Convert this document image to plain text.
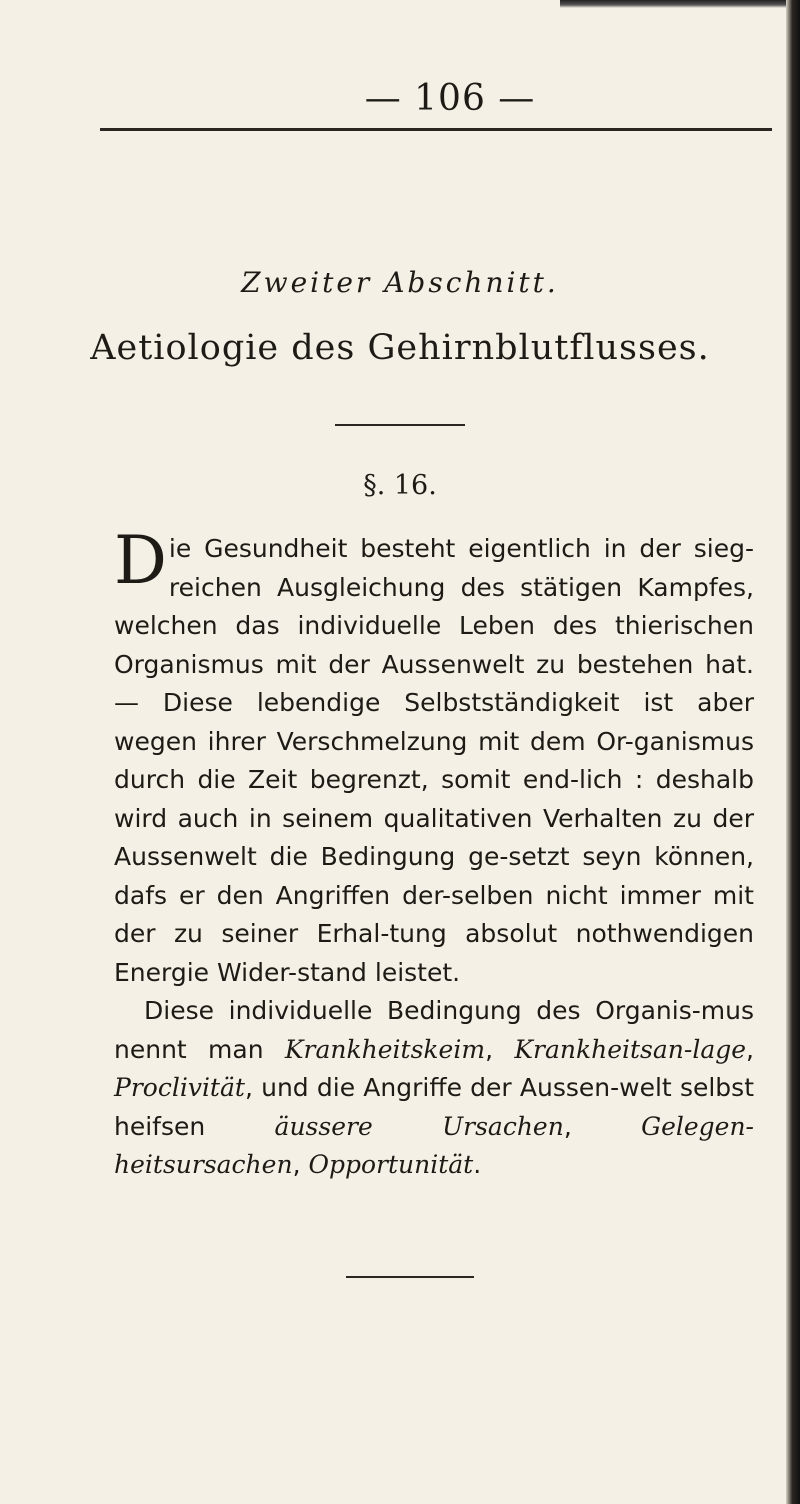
— 106 —
Zweiter Abschnitt.
Aetiologie des Gehirnblutflusses.
§. 16.

Die Gesundheit besteht eigentlich in der sieg-reichen Ausgleichung des stätigen Kampfes, welchen das individuelle Leben des thierischen Organismus mit der Aussenwelt zu bestehen hat. — Diese lebendige Selbstständigkeit ist aber wegen ihrer Verschmelzung mit dem Or-ganismus durch die Zeit begrenzt, somit end-lich : deshalb wird auch in seinem qualitativen Verhalten zu der Aussenwelt die Bedingung ge-setzt seyn können, dafs er den Angriffen der-selben nicht immer mit der zu seiner Erhal-tung absolut nothwendigen Energie Wider-stand leistet.

Diese individuelle Bedingung des Organis-mus nennt man Krankheitskeim, Krankheitsan-lage, Proclivität, und die Angriffe der Aussen-welt selbst heifsen äussere Ursachen, Gelegen-heitsursachen, Opportunität.
